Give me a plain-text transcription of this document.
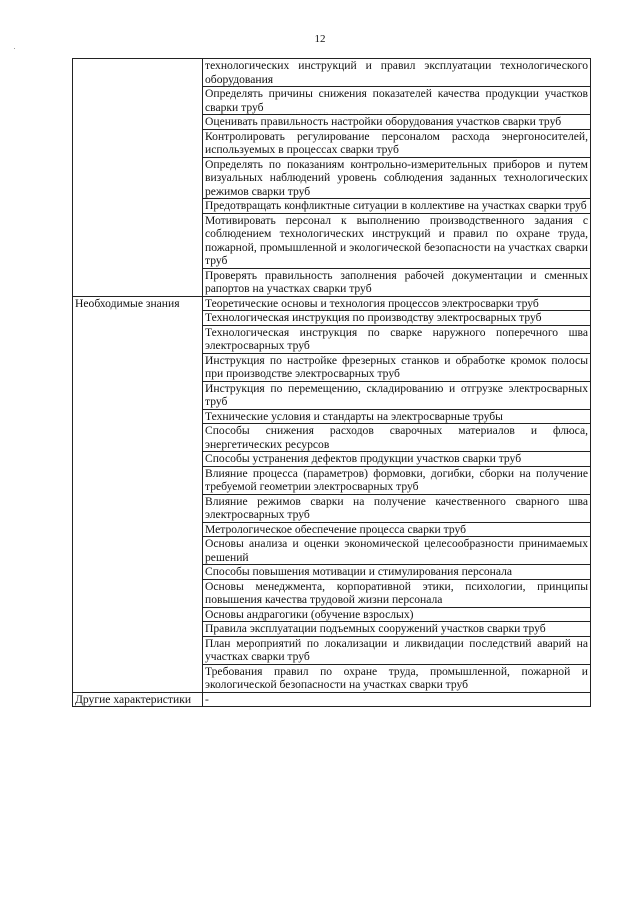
12

	технологических инструкций и правил эксплуатации технологического оборудования

	Определять причины снижения показателей качества продукции участков сварки труб

	Оценивать правильность настройки оборудования участков сварки труб

	Контролировать регулирование персоналом расхода энергоносителей, используемых в процессах сварки труб

	Определять по показаниям контрольно-измерительных приборов и путем визуальных наблюдений уровень соблюдения заданных технологических режимов сварки труб

	Предотвращать конфликтные ситуации в коллективе на участках сварки труб

	Мотивировать персонал к выполнению производственного задания с соблюдением технологических инструкций и правил по охране труда, пожарной, промышленной и экологической безопасности на участках сварки труб

	Проверять правильность заполнения рабочей документации и сменных рапортов на участках сварки труб

Необходимые знания	Теоретические основы и технология процессов электросварки труб

	Технологическая инструкция по производству электросварных труб

	Технологическая инструкция по сварке наружного поперечного шва электросварных труб

	Инструкция по настройке фрезерных станков и обработке кромок полосы при производстве электросварных труб

	Инструкция по перемещению, складированию и отгрузке электросварных труб

	Технические условия и стандарты на электросварные трубы

	Способы снижения расходов сварочных материалов и флюса, энергетических ресурсов

	Способы устранения дефектов продукции участков сварки труб

	Влияние процесса (параметров) формовки, догибки, сборки на получение требуемой геометрии электросварных труб

	Влияние режимов сварки на получение качественного сварного шва электросварных труб

	Метрологическое обеспечение процесса сварки труб

	Основы анализа и оценки экономической целесообразности принимаемых решений

	Способы повышения мотивации и стимулирования персонала

	Основы менеджмента, корпоративной этики, психологии, принципы повышения качества трудовой жизни персонала

	Основы андрагогики (обучение взрослых)

	Правила эксплуатации подъемных сооружений участков сварки труб

	План мероприятий по локализации и ликвидации последствий аварий на участках сварки труб

	Требования правил по охране труда, промышленной, пожарной и экологической безопасности на участках сварки труб

Другие характеристики	-
